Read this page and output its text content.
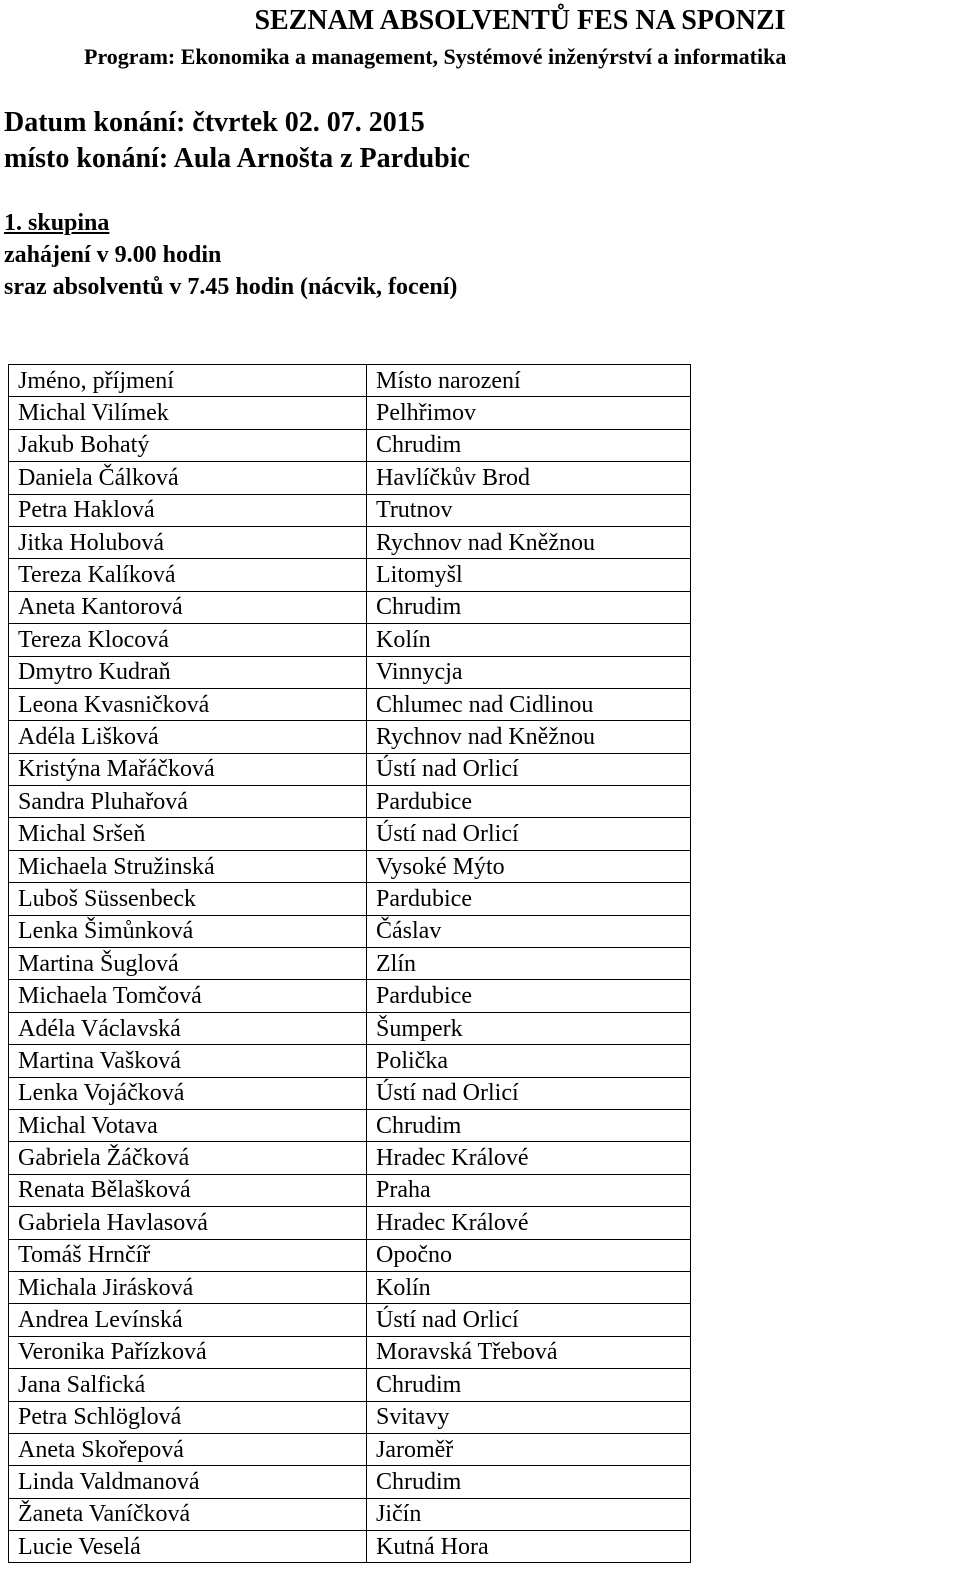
SEZNAM ABSOLVENTŮ FES NA SPONZI
Program: Ekonomika a management, Systémové inženýrství a informatika
Datum konání: čtvrtek 02. 07. 2015
místo konání: Aula Arnošta z Pardubic
1. skupina
zahájení v 9.00 hodin
sraz absolventů v 7.45 hodin (nácvik, focení)
Jméno, příjmení	Místo narození
Michal Vilímek	Pelhřimov
Jakub Bohatý	Chrudim
Daniela Čálková	Havlíčkův Brod
Petra Haklová	Trutnov
Jitka Holubová	Rychnov nad Kněžnou
Tereza Kalíková	Litomyšl
Aneta Kantorová	Chrudim
Tereza Klocová	Kolín
Dmytro Kudraň	Vinnycja
Leona Kvasničková	Chlumec nad Cidlinou
Adéla Lišková	Rychnov nad Kněžnou
Kristýna Mařáčková	Ústí nad Orlicí
Sandra Pluhařová	Pardubice
Michal Sršeň	Ústí nad Orlicí
Michaela Stružinská	Vysoké Mýto
Luboš Süssenbeck	Pardubice
Lenka Šimůnková	Čáslav
Martina Šuglová	Zlín
Michaela Tomčová	Pardubice
Adéla Václavská	Šumperk
Martina Vašková	Polička
Lenka Vojáčková	Ústí nad Orlicí
Michal Votava	Chrudim
Gabriela Žáčková	Hradec Králové
Renata Bělašková	Praha
Gabriela Havlasová	Hradec Králové
Tomáš Hrnčíř	Opočno
Michala Jirásková	Kolín
Andrea Levínská	Ústí nad Orlicí
Veronika Pařízková	Moravská Třebová
Jana Salfická	Chrudim
Petra Schlöglová	Svitavy
Aneta Skořepová	Jaroměř
Linda Valdmanová	Chrudim
Žaneta Vaníčková	Jičín
Lucie Veselá	Kutná Hora
